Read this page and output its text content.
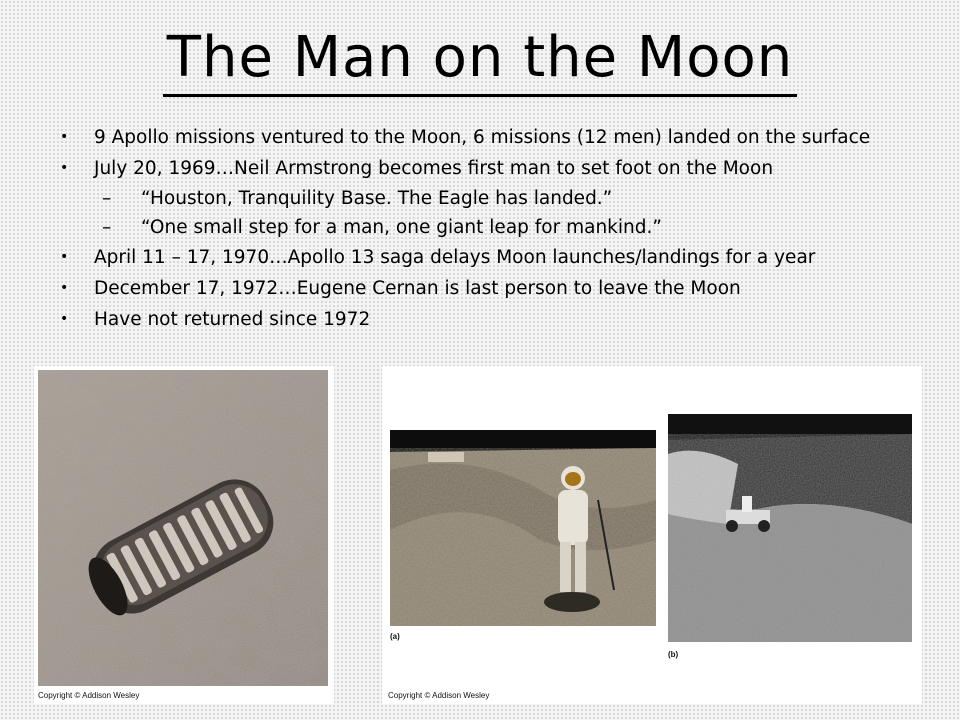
The Man on the Moon
• 9 Apollo missions ventured to the Moon, 6 missions (12 men) landed on the surface
• July 20, 1969…Neil Armstrong becomes first man to set foot on the Moon
– “Houston, Tranquility Base. The Eagle has landed.”
– “One small step for a man, one giant leap for mankind.”
• April 11 – 17, 1970…Apollo 13 saga delays Moon launches/landings for a year
• December 17, 1972…Eugene Cernan is last person to leave the Moon
• Have not returned since 1972
Copyright © Addison Wesley
(a)
(b)
Copyright © Addison Wesley
